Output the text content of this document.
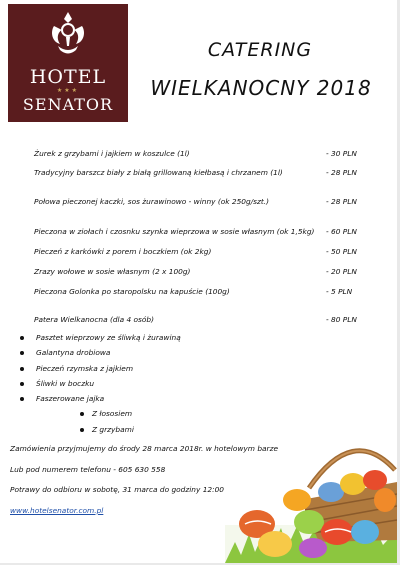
HOTEL
★★★
SENATOR
CATERING
WIELKANOCNY 2018
Żurek z grzybami i jajkiem w koszulce (1l)	- 30 PLN
Tradycyjny barszcz biały z białą grillowaną kiełbasą i chrzanem (1l)	- 28 PLN
Połowa pieczonej kaczki, sos żurawinowo - winny (ok 250g/szt.)	- 28 PLN
Pieczona w ziołach i czosnku szynka wieprzowa w sosie własnym (ok 1,5kg) - 60 PLN
Pieczeń z karkówki z porem i boczkiem (ok 2kg)	- 50 PLN
Zrazy wołowe w sosie własnym (2 x 100g)	- 20 PLN
Pieczona Golonka po staropolsku na kapuście (100g)	- 5 PLN
Patera Wielkanocna (dla 4 osób)	- 80 PLN
Pasztet wieprzowy ze śliwką i żurawiną
Galantyna drobiowa
Pieczeń rzymska z jajkiem
Śliwki w boczku
Faszerowane jajka
Z łososiem
Z grzybami
Zamówienia przyjmujemy do środy 28 marca 2018r. w hotelowym barze
Lub pod numerem telefonu - 605 630 558
Potrawy do odbioru w sobotę, 31 marca do godziny 12:00
www.hotelsenator.com.pl
